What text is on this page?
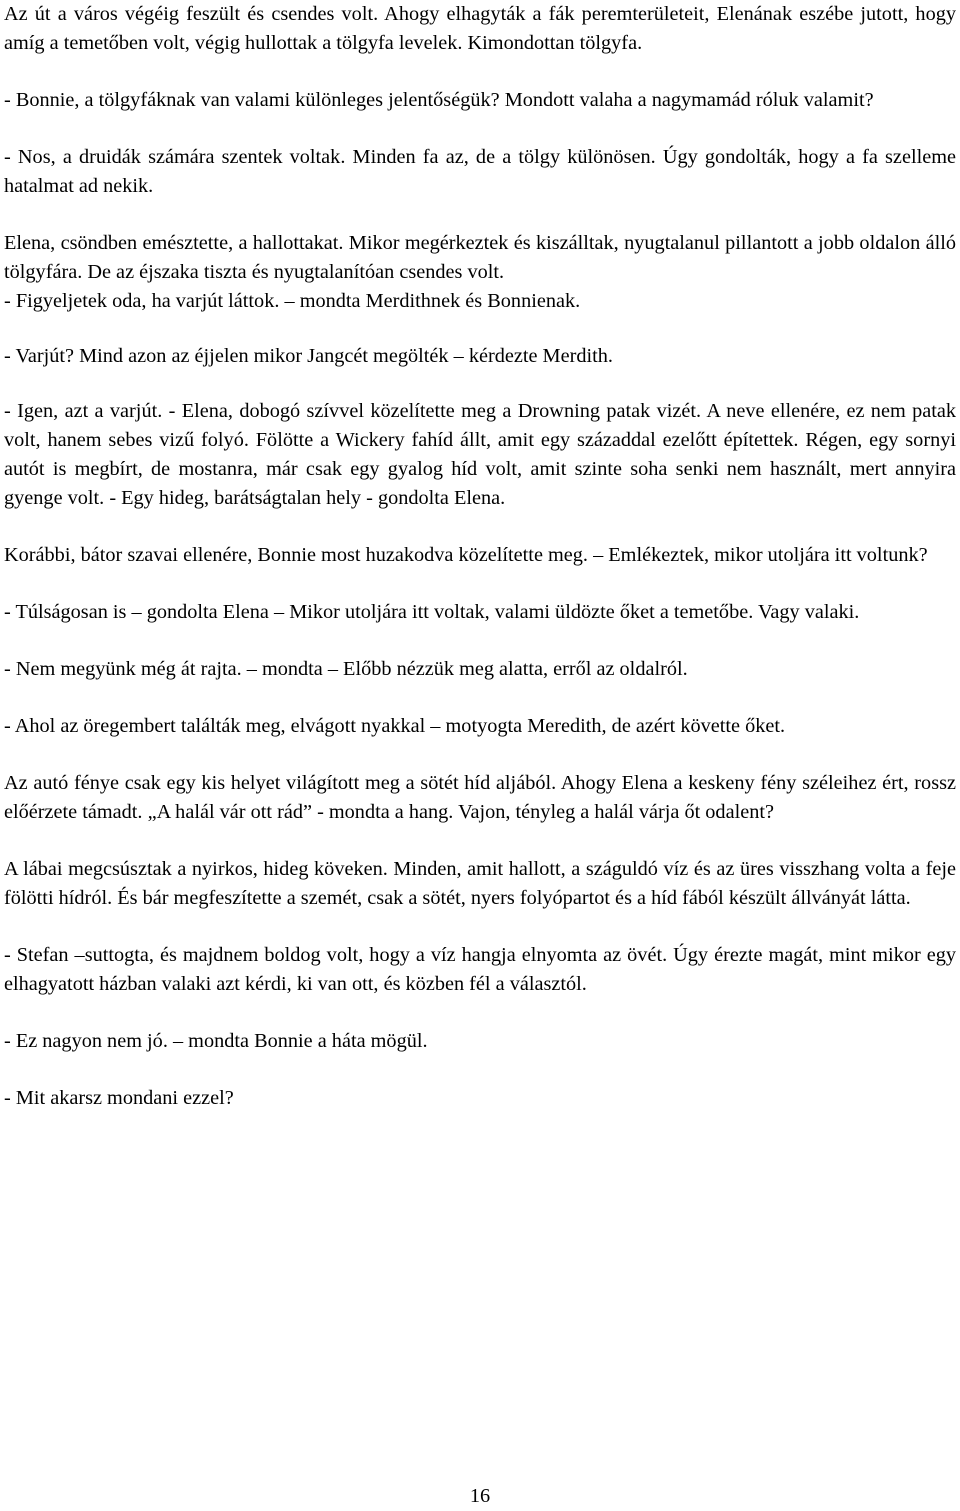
Az út a város végéig feszült és csendes volt. Ahogy elhagyták a fák peremterületeit, Elenának eszébe jutott, hogy amíg a temetőben volt, végig hullottak a tölgyfa levelek. Kimondottan tölgyfa.

- Bonnie, a tölgyfáknak van valami különleges jelentőségük? Mondott valaha a nagymamád róluk valamit?

- Nos, a druidák számára szentek voltak. Minden fa az, de a tölgy különösen. Úgy gondolták, hogy a fa szelleme hatalmat ad nekik.

Elena, csöndben emésztette, a hallottakat. Mikor megérkeztek és kiszálltak, nyugtalanul pillantott a jobb oldalon álló tölgyfára. De az éjszaka tiszta és nyugtalanítóan csendes volt.

- Figyeljetek oda, ha varjút láttok. – mondta Merdithnek és Bonnienak.

- Varjút? Mind azon az éjjelen mikor Jangcét megölték – kérdezte Merdith.

- Igen, azt a varjút. - Elena, dobogó szívvel közelítette meg a Drowning patak vizét. A neve ellenére, ez nem patak volt, hanem sebes vizű folyó. Fölötte a Wickery fahíd állt, amit egy századdal ezelőtt építettek. Régen, egy sornyi autót is megbírt, de mostanra, már csak egy gyalog híd volt, amit szinte soha senki nem használt, mert annyira gyenge volt. - Egy hideg, barátságtalan hely - gondolta Elena.

Korábbi, bátor szavai ellenére, Bonnie most huzakodva közelítette meg. – Emlékeztek, mikor utoljára itt voltunk?

- Túlságosan is – gondolta Elena – Mikor utoljára itt voltak, valami üldözte őket a temetőbe. Vagy valaki.

- Nem megyünk még át rajta. – mondta – Előbb nézzük meg alatta, erről az oldalról.

- Ahol az öregembert találták meg, elvágott nyakkal – motyogta Meredith, de azért követte őket.

Az autó fénye csak egy kis helyet világított meg a sötét híd aljából. Ahogy Elena a keskeny fény széleihez ért, rossz előérzete támadt. „A halál vár ott rád” - mondta a hang. Vajon, tényleg a halál várja őt odalent?

A lábai megcsúsztak a nyirkos, hideg köveken. Minden, amit hallott, a száguldó víz és az üres visszhang volta a feje fölötti hídról. És bár megfeszítette a szemét, csak a sötét, nyers folyópartot és a híd fából készült állványát látta.

- Stefan –suttogta, és majdnem boldog volt, hogy a víz hangja elnyomta az övét. Úgy érezte magát, mint mikor egy elhagyatott házban valaki azt kérdi, ki van ott, és közben fél a választól.

- Ez nagyon nem jó. – mondta Bonnie a háta mögül.

- Mit akarsz mondani ezzel?

16
